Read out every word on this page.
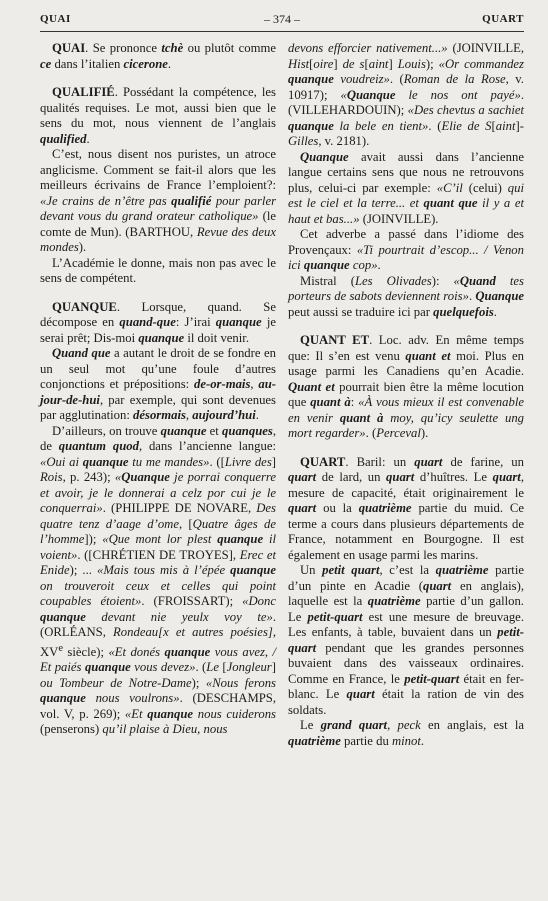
QUAI	– 374 –	QUART

QUAI. Se prononce tchè ou plutôt comme ce dans l’italien cicerone.

QUALIFIÉ. Possédant la compétence, les qualités requises. Le mot, aussi bien que le sens du mot, nous viennent de l’anglais qualified.

C’est, nous disent nos puristes, un atroce anglicisme. Comment se fait-il alors que les meilleurs écrivains de France l’emploient?: «Je crains de n’être pas qualifié pour parler devant vous du grand orateur catholique» (le comte de Mun). (BARTHOU, Revue des deux mondes).

L’Académie le donne, mais non pas avec le sens de compétent.

QUANQUE. Lorsque, quand. Se décompose en quand-que: J’irai quanque je serai prêt; Dis-moi quanque il doit venir.

Quand que a autant le droit de se fondre en un seul mot qu’une foule d’autres conjonctions et prépositions: de-or-mais, au-jour-de-hui, par exemple, qui sont devenues par agglutination: désormais, aujourd’hui.

D’ailleurs, on trouve quanque et quanques, de quantum quod, dans l’ancienne langue: «Oui ai quanque tu me mandes». ([Livre des] Rois, p. 243); «Quanque je porrai conquerre et avoir, je le donnerai a celz por cui je le conquerrai». (PHILIPPE DE NOVARE, Des quatre tenz d’aage d’ome, [Quatre âges de l’homme]); «Que mont lor plest quanque il voient». ([CHRÉTIEN DE TROYES], Erec et Enide); ... «Mais tous mis à l’épée quanque on trouveroit ceux et celles qui point coupables étoient». (FROISSART); «Donc quanque devant nie yeulx voy te». (ORLÉANS, Rondeau[x et autres poésies], XVe siècle); «Et donés quanque vous avez, / Et paiés quanque vous devez». (Le [Jongleur] ou Tombeur de Notre-Dame); «Nous ferons quanque nous voulrons». (DESCHAMPS, vol. V, p. 269); «Et quanque nous cuiderons (penserons) qu’il plaise à Dieu, nous

devons efforcier nativement...» (JOINVILLE, Hist[oire] de s[aint] Louis); «Or commandez quanque voudreiz». (Roman de la Rose, v. 10917); «Quanque le nos ont payé». (VILLEHARDOUIN); «Des chevtus a sachiet quanque la bele en tient». (Elie de S[aint]-Gilles, v. 2181).

Quanque avait aussi dans l’ancienne langue certains sens que nous ne retrouvons plus, celui-ci par exemple: «C’il (celui) qui est le ciel et la terre... et quant que il y a et haut et bas...» (JOINVILLE).

Cet adverbe a passé dans l’idiome des Provençaux: «Ti pourtrait d’escop... / Venon ici quanque cop».

Mistral (Les Olivades): «Quand tes porteurs de sabots deviennent rois». Quanque peut aussi se traduire ici par quelquefois.

QUANT ET. Loc. adv. En même temps que: Il s’en est venu quant et moi. Plus en usage parmi les Canadiens qu’en Acadie. Quant et pourrait bien être la même locution que quant à: «À vous mieux il est convenable en venir quant à moy, qu’icy seulette ung mort regarder». (Perceval).

QUART. Baril: un quart de farine, un quart de lard, un quart d’huîtres. Le quart, mesure de capacité, était originairement le quart ou la quatrième partie du muid. Ce terme a cours dans plusieurs départements de France, notamment en Bourgogne. Il est également en usage parmi les marins.

Un petit quart, c’est la quatrième partie d’un pinte en Acadie (quart en anglais), laquelle est la quatrième partie d’un gallon. Le petit-quart est une mesure de breuvage. Les enfants, à table, buvaient dans un petit-quart pendant que les grandes personnes buvaient dans des vaisseaux ordinaires. Comme en France, le petit-quart était en fer-blanc. Le quart était la ration de vin des soldats.

Le grand quart, peck en anglais, est la quatrième partie du minot.
